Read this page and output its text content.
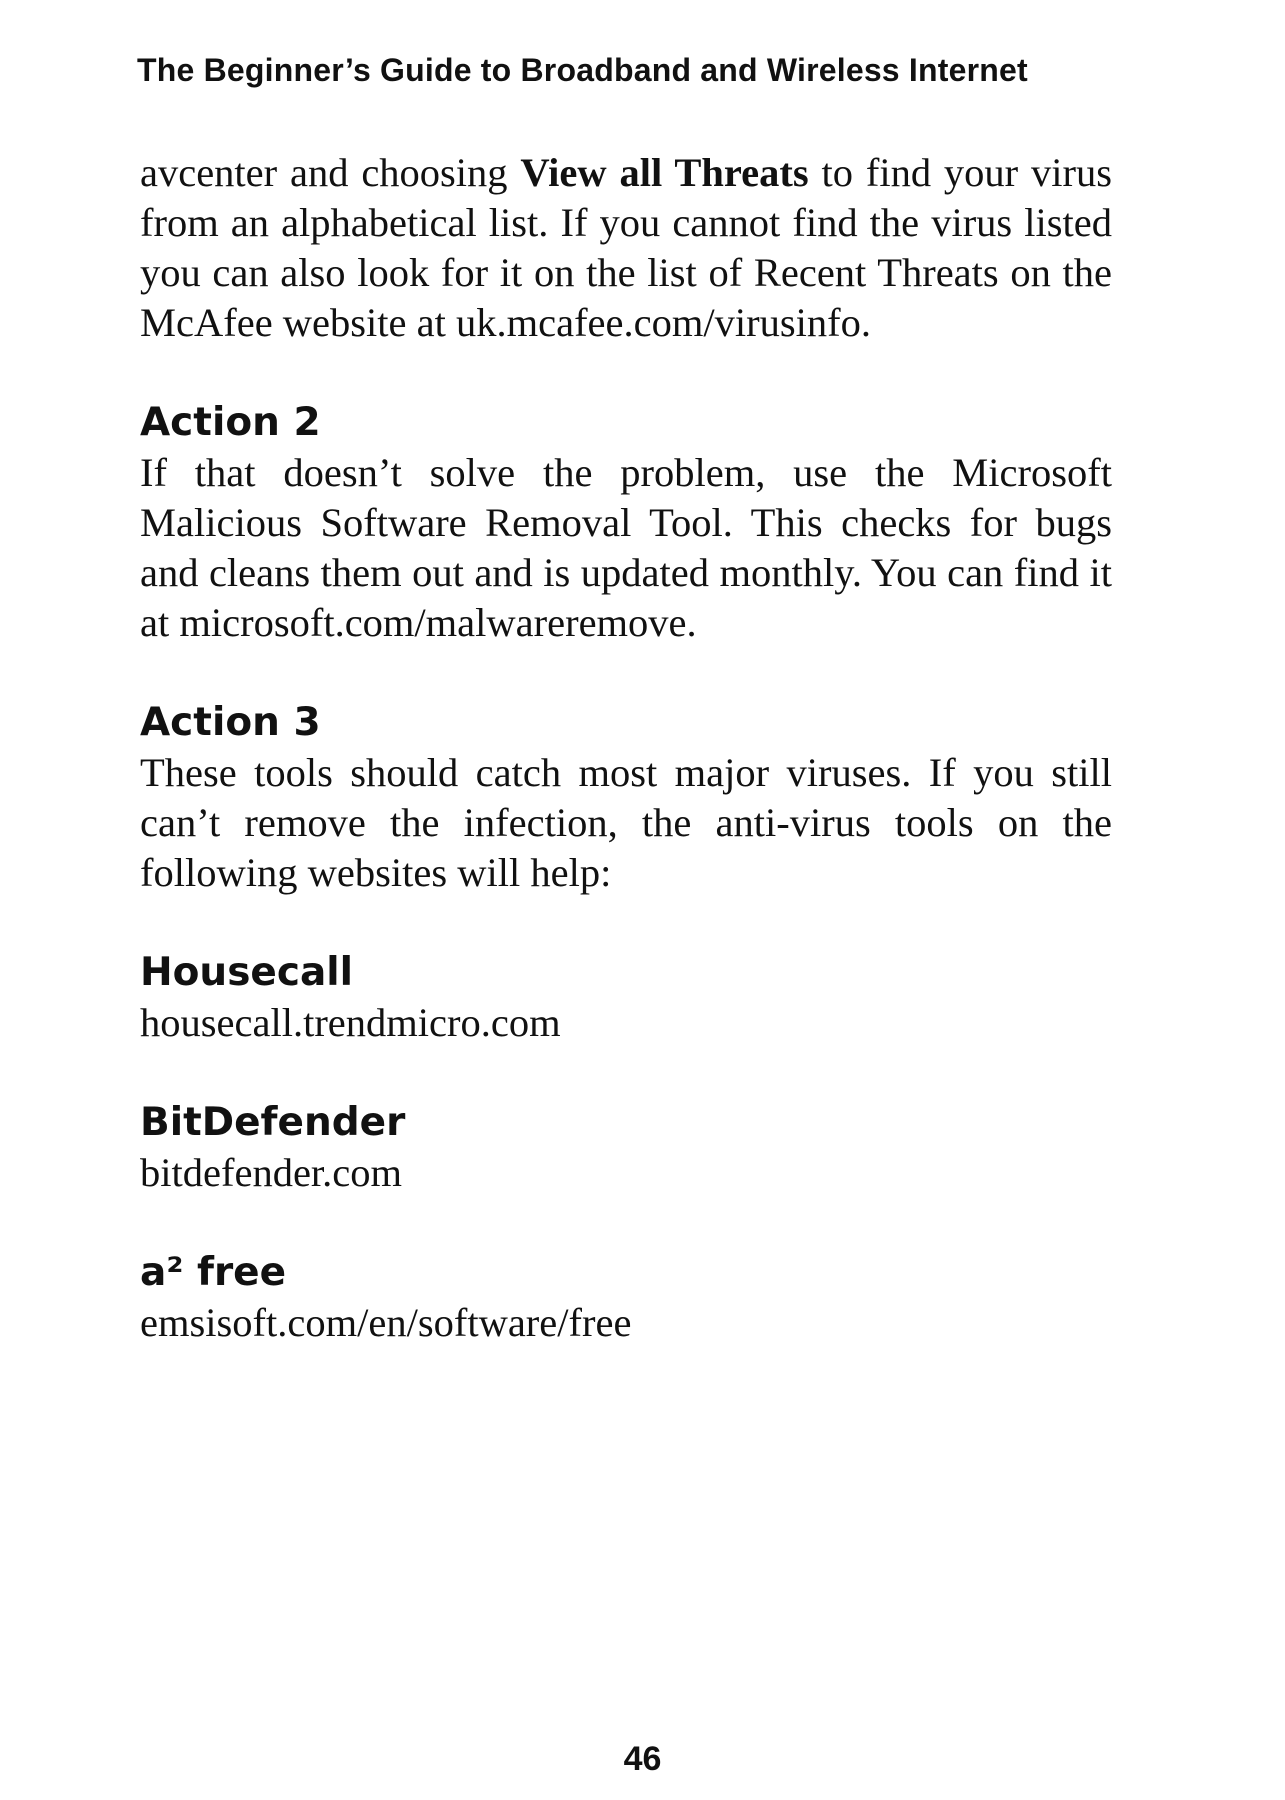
The Beginner’s Guide to Broadband and Wireless Internet

avcenter and choosing View all Threats to find your virus from an alphabetical list. If you cannot find the virus listed you can also look for it on the list of Recent Threats on the McAfee website at uk.mcafee.com/virusinfo.

Action 2

If that doesn’t solve the problem, use the Microsoft Malicious Software Removal Tool. This checks for bugs and cleans them out and is updated monthly. You can find it at microsoft.com/malwareremove.

Action 3

These tools should catch most major viruses. If you still can’t remove the infection, the anti-virus tools on the following websites will help:

Housecall

housecall.trendmicro.com

BitDefender

bitdefender.com

a² free

emsisoft.com/en/software/free

46
